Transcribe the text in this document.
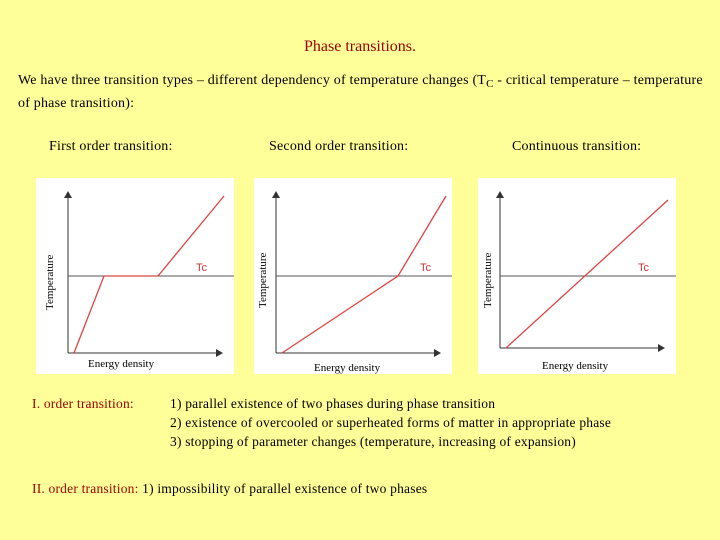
Phase transitions.
We have three transition types – different dependency of temperature changes ($T_C$ - critical temperature – temperature of phase transition):
First order transition:	Second order transition:	Continuous transition:
Tc
Energy density
Temperature	Tc
Energy density
Temperature	Tc
Energy density
Temperature
I. order transition:	1) parallel existence of two phases during phase transition
2) existence of overcooled or superheated forms of matter in appropriate phase
3) stopping of parameter changes (temperature, increasing of expansion)
II. order transition: 1) impossibility of parallel existence of two phases
